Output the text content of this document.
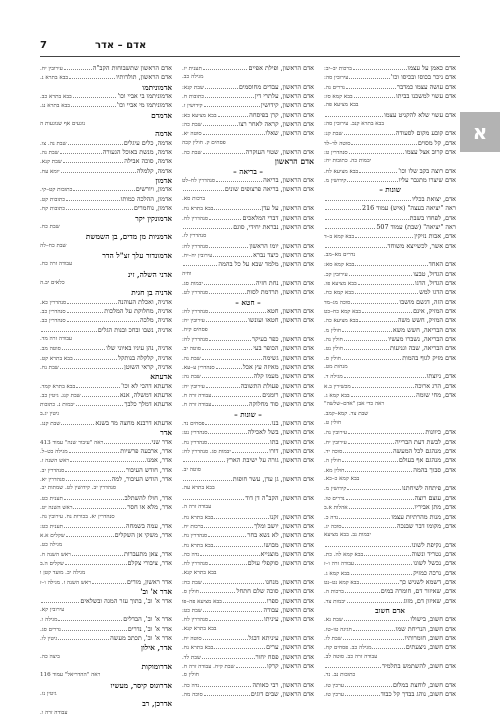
7	אדם – אדר
א
אדם כאמן על עצמו
ברכות יב–יב:
אדם ניכר בכוסו ובכיסו וכו'
עירובין סה:
אדם עושה עצמו כמדבר
נדרים נה.
אדם עשוי למשכנו בביתו
בבא קמא סז:
בבא מציעא פה.
אדם עשוי שלא להקניט עצמו
בבא בתרא קנב. עירובין סה:
אדם קובע מקום לסעודה
שבת קנ:
אדם, קל מסוים
סוטה לד–לד
אדם קרוב אצל עצמו
סנהדרין ט:
יבמות כה. כתובות יח:
אדם רוצה בקב שלו וכו'
בבא מציעא לח.
אדם שיצרו מתגבר עליו
קידושין מ.
שונות –
אדם, יצואת בכליו
ראה "יציאה בעצה" (איש) עמוד 216
אדם, לפחדו בשבת
ראה "יציאה" (שבת) עמוד 507
אדם, אבות נזיקין
בבא קמא ב–ד
אדם אשר, לכשייצא משוחד
נדרים מא–מב.
אדם האחד
בבא קמא סא:
אדם הגדול, טבעו
עירובין קכ.
אדם הגדול, הדגו
בבא מציעא פו.
אדם הדגו למש
בבא קמא כח.
אדם הזה, דגשם מושבו
סוכה מג–מד
אדם המזיק, אינם
בבא קמא כח–כט
אדם המזיק, חשש משה
בבא מציעא כה.
אדם הבריאה, חשש משא
חולין מ.
אדם הבריאה, נשברו מעשיו
חולין נה.
אדם הבריאה, שבה וגניעות
חולין נט.
אדם מזיק לגוף בהמות
חולין ס.
מנחות מט.
אדם, ניוצתו
מגילה ד.
אדם, הרג ארוכה
מכשירין ב.א
אדם, מחי שומה
בבא קמא ג.
ראה כדי אבן "אדם–שלשה"
שבת צד. קמא–קמב.
חולין ט.
אדם, כיוונות
עירובין נה.
אדם, לבשת דעת הברייה
עירובין יח.
אדם, מנהגם לכל המעשה
סוכה יד.
אדם, מנהגם אף בעולם
חולין ה.
אדם, סבוך בהמה
חולין מא.
בבא קמא כ–כא.
אדם, פיתחה לשיחתנו
קידושין מ.
אדם, עוצם רוצה
נדרים טו.
אדם, מתן אביריו
אהלות א.ב
אדם, מנות מהרתיות עצמו
נדה כ.
אדם, מקומו דבר שבנכה
סוכה יג.
יבמות נב. בבא מציעא
אדם, נקיפת לשונו
אדם, נטריד ונשוה
בבא קמא לה. כת.
אדם, נכשל לשונו
עבודה זרה ו–ז
אדם, נרכה כמזיק
בבא קמא ג.
אדם, דשמא לשניש כך
בבא קמא נט–נט
אדם, שאיזור דם, חומרה במים
ברכות ה.
אדם, שאיזון דם, מזוג
יבמות צד.
אדם חשוב
אדם חשוב, בישולו
שבת נא.
אדם חשוב, הנריחת שמו
חגיגה טו–טז.
אדם חשוב, חומרותיו
שבת לו.
אדם חשוב, ניצעתים
מגילה כב. פסחים קח.
עבודה זרה כב. סוטה לב.
אדם חשוב, להשתמש בתלמיד
כתובות נב. נד.
אדם חשוב, לוחצת במלום
ערכין טז.
אדם חשוב, נוהג בבדך קל כבוד
ערכין טז.
אדם הראשון, ופילת אפיים
תענית יז.
מגילה כב.
אדם הראשון, עבדים מחוסמים
שבת קנא:
אדם הראשון, עלתרי דין
כתובות ח.
אדם הראשון, קידושין
קידושין ז.
אדם הראשון, קרן בפיסחה
בבא מציעא כא:
אדם הראשון, קראה לאחר רצו
שבת כה:
אדם הראשון, שאלו
סוטה יא.
פסחים ק. חולין קכה
אדם הראשון, שטוי העוקרה
שבת כה.
אדם הראשון
– בריאה –
אדם הראשון, בריאה
סנהדרין לח–לט
אדם הראשון, בריאה פרצופים שונים
ברכות סא.
אדם הראשון, על עדן
בבא בתרא נח.
אדם הראשון, דברי המלאכים
סנהדרין לח.
אדם הראשון, נבראת יחידי, סוגם
סנהדרין לז.
אדם הראשון, יומו הראשון
סנהדרין לח:
אדם הראשון, כיצד נברא
עירובין יח–יח.
אדם הראשון, מלמד שבא על כל בהמה
וחיה
אדם הראשון, נחת חזיה
יבמות סג.
אדם הראשון, תרדמת לסות
סנהדרין לט.
– חטא –
אדם הראשון, חטא
סנהדרין לח:
אדם הראשון, חטאו ועונשו
עירובין יח:
פסחים קיח.
אדם הראשון, כפר בעיקר
סנהדרין לח:
אדם הראשון, הכופר בעי
סוטה יב.
אדם הראשון, גשימה
שבת נה.
אדם הראשון, מאיזה עץ אכל
סנהדרין ע–עא.
אדם הראשון, מעמו קלה
שבת נה:
אדם הראשון, פעולת התשובה
עירובין יח:
אדם הראשון, רומנים
עבודה זרה ח.
אדם הראשון, סוד מחלוקה
עבודה זרה ח.
– שונות –
אדם הראשון, בנו
פסחים נד.
אדם הראשון, בשל לאכילה
סנהדרין נט:
אדם הראשון, בתו
סנהדרין נח.
אדם הראשון, דורו
יבמות סג. סנהדרין לח:
אדם הראשון, גורה על ישיבת הארץ
סוטה יב.
אדם הראשון, גן עדן, עשר חופות
בבא בתרא עה.
אדם הראשון, הקב"ה דן דוד
עבודה זרה ה.
אדם הראשון, זקנו
בבא בתרא נח.
אדם הראשון, יושב ומלך
ברכות יח.
אדם הראשון, לא נשא בחר
סנהדרין נח.
אדם הראשון, מבושו
בבא בתרא נח.
אדם הראשון, מוצנייא
נדה כה.
אדם הראשון, סוקפלי עולם
סנהדרין לח.
בבא בתרא קנא.
אדם הראשון, מנחנו
שבת כח:
אדם הראשון, סוכה שלם חתחל
חולין ס.
אדם הראשון, ספרו
בבא מציעא פה–פו
אדם הראשון, עבודה
שבת כט:
אדם הראשון, עיניתו
סנהדרין לח.
בבא בתרא קנא.
אדם הראשון, עיניתא דבגל
סוטה יח.
אדם הראשון, ערים
בבא בתרא נח.
אדם הראשון, פסח יחור
שבת לד.
אדם הראשון, קרקו
שבת קיח. עבודה זרה ח.
חולין ס.
אדם הראשון, רבי כאותה
נדה כה.
אדם הראשון, שבים דוגים
סוכה מה.
אדם הראשון שתשבוחות הקב"ה
עירובין יח.
אדם הראשון, תולדותיו
בבא בתרא נ.
אדמוניתמו
אדמוניתמו בי אביי וכו'
בבא בתרא כב.
אדמוניתמו מי אביי וכו'
בבא בתרא נג.
אדמדם
נוגעים אף שנוגעות ה
אדמה
אדמה, כלים עיגלים
שבת נה. צו.
אדמה, מנשת באוכל הגעורה
שבת נה.
אדמה, סוכה אבילה
שבת קנא.
אדמה, קלמלה
יומא עח.
אדמון
אדמון, ויורשים
כתובות קט–קי.
אדמון, ההלכה כמותו
כתובות קט.
אדמון, נוחמרים
כתובות קח.
אדמונקין יקר
שבת כח.
אדמניות מן מדים, בן השמשת
שבת כח–לה
אדמונדור עלך זצ"ל הדר
עבודה זרה כח.
אדני השלה, זינ
כלאים יב.ה
אדניה בן חגית
אדניה, ואכלת העוהנה
סנהדרין כא.
אדניה, מחלוקת על המלכות
סנהדרין כב.
אדניה, מלכה
סנהדרין כב.
אדניה, נשבו ובחכ ובנות הגלים
עבודה זרה מד.
אדניה, נהן עיניו באיוני שלו
סוטה מב.
אדניה, קלקלה בנותקל
בבא בתרא קט.
אדניה, קראי השוטן
שבת נח.
אדעתא
אדעתא דהכי לא וכו'
בבא בתרא קמד.
אדעתא דמשלה, אנא
שבת קנג. גיטין כב.
אדעתא דמלך כלבך
יבמות נ. כתובות
גיטין יג.ב
אדעתא דרבנא מחצה מד בשנא
שבת קנג.
אדר
אדר שני
ראה "עיבור שנה" עמוד 413
אדר, ארבעה פרשיות
מגילה כט–ל.
אדר, אמנו
ראש השנה ז.
אדר, חודש העיבור
סנהדרין יב.
אדר, הודש העיבור, למה
סנהדרין יא.
סנהדרין יב. קידושין לט. שמתות יב.
אדר, חולו להשתלב
תענית כט.
אדר, מלא או חסר
ראש השנה יט.
סנהדרין יא. בכורות נח. עירובין נה.
אדר, עמה בשמחה
תענית כט:
אדר, משקי אן השקלים
שקלים א.א
מגילה כט.
אדר, צאן מתעברות
ראש השנה ח.
אדר, ציבורי צקלם
שקלים ה.ב
מגילה יב. מועד קטן ו
אדר ראשון, מורים
ראש השנה ז. מגילה ו–ז
אדר א' וב'
אדר א' וב', בתוך עזר המגה ובשלאים
עירובין קא.
אדר א' וב', הבדלים
מגילה ו.
אדר א' וב', נדרים
נדרים סג.
אדר א' וב', תכתב מעשה
גיטין לו.
אדר, אילון
ביצה כה.
אדרומוקות
ראה "ההדריאל" עמוד 116
אדרוגוס קיסר, מעשיו
גיטין נז.
אדרכן, רב
עבודה זרה ו.
